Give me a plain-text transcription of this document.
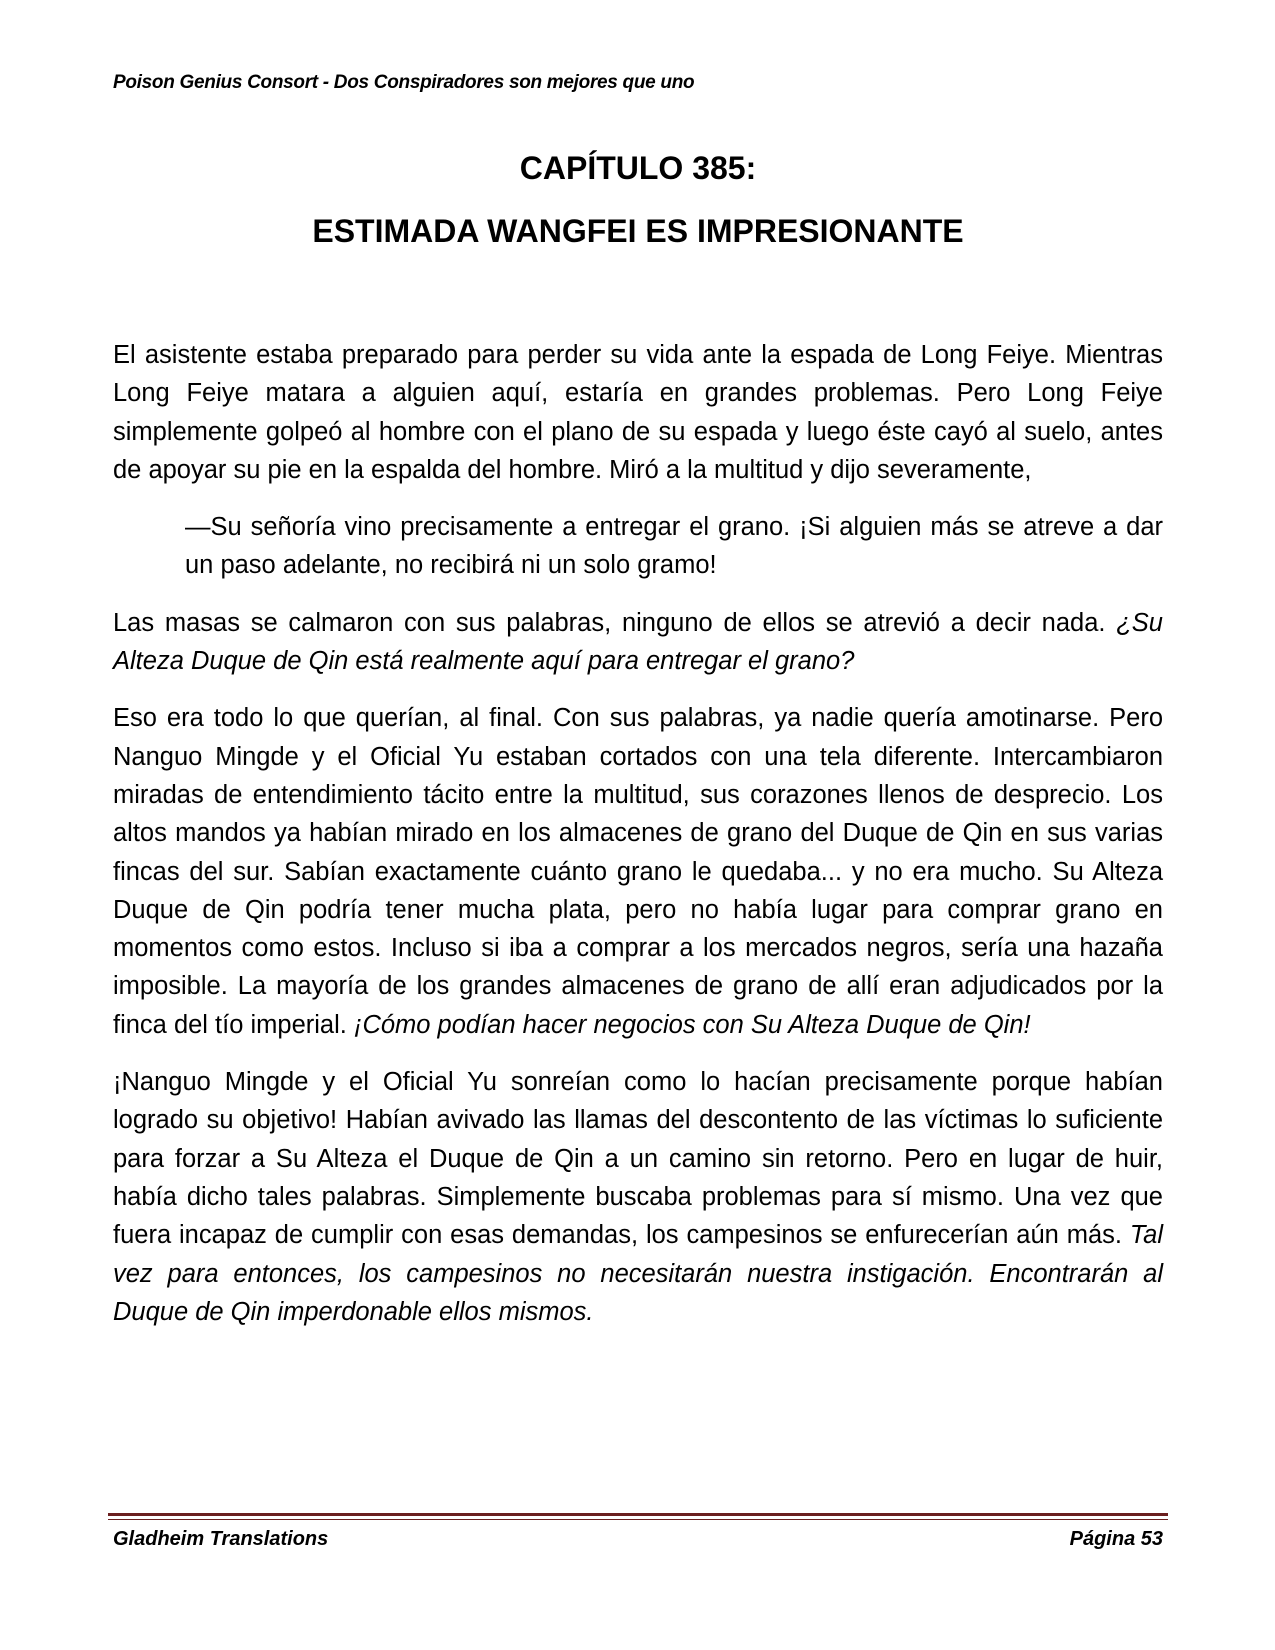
Poison Genius Consort - Dos Conspiradores son mejores que uno
CAPÍTULO 385:
ESTIMADA WANGFEI ES IMPRESIONANTE

El asistente estaba preparado para perder su vida ante la espada de Long Feiye. Mientras Long Feiye matara a alguien aquí, estaría en grandes problemas. Pero Long Feiye simplemente golpeó al hombre con el plano de su espada y luego éste cayó al suelo, antes de apoyar su pie en la espalda del hombre. Miró a la multitud y dijo severamente,

—Su señoría vino precisamente a entregar el grano. ¡Si alguien más se atreve a dar un paso adelante, no recibirá ni un solo gramo!

Las masas se calmaron con sus palabras, ninguno de ellos se atrevió a decir nada. ¿Su Alteza Duque de Qin está realmente aquí para entregar el grano?

Eso era todo lo que querían, al final. Con sus palabras, ya nadie quería amotinarse. Pero Nanguo Mingde y el Oficial Yu estaban cortados con una tela diferente. Intercambiaron miradas de entendimiento tácito entre la multitud, sus corazones llenos de desprecio. Los altos mandos ya habían mirado en los almacenes de grano del Duque de Qin en sus varias fincas del sur. Sabían exactamente cuánto grano le quedaba... y no era mucho. Su Alteza Duque de Qin podría tener mucha plata, pero no había lugar para comprar grano en momentos como estos. Incluso si iba a comprar a los mercados negros, sería una hazaña imposible. La mayoría de los grandes almacenes de grano de allí eran adjudicados por la finca del tío imperial. ¡Cómo podían hacer negocios con Su Alteza Duque de Qin!

¡Nanguo Mingde y el Oficial Yu sonreían como lo hacían precisamente porque habían logrado su objetivo! Habían avivado las llamas del descontento de las víctimas lo suficiente para forzar a Su Alteza el Duque de Qin a un camino sin retorno. Pero en lugar de huir, había dicho tales palabras. Simplemente buscaba problemas para sí mismo. Una vez que fuera incapaz de cumplir con esas demandas, los campesinos se enfurecerían aún más. Tal vez para entonces, los campesinos no necesitarán nuestra instigación. Encontrarán al Duque de Qin imperdonable ellos mismos.

Gladheim Translations	Página 53
